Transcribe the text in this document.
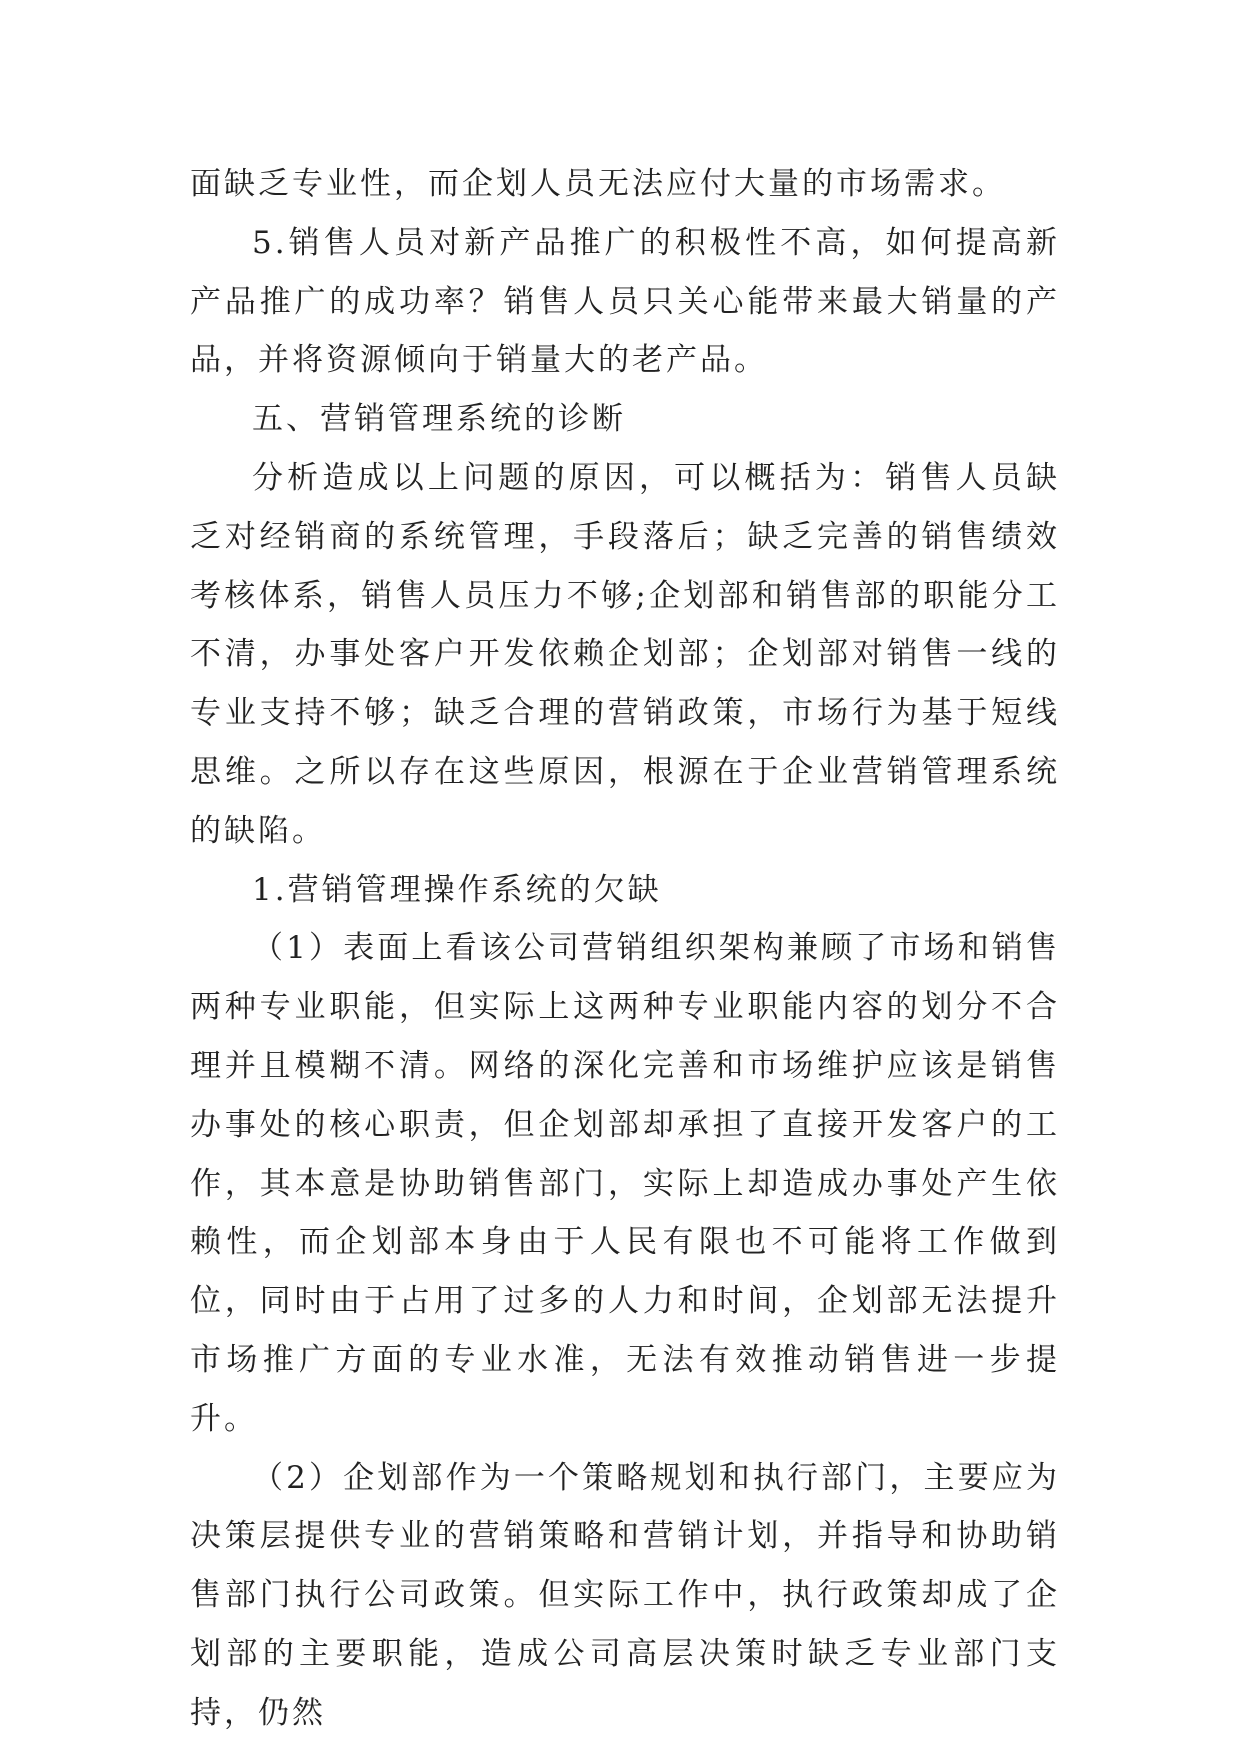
面缺乏专业性，而企划人员无法应付大量的市场需求。

5.销售人员对新产品推广的积极性不高，如何提高新产品推广的成功率？销售人员只关心能带来最大销量的产品，并将资源倾向于销量大的老产品。

五、营销管理系统的诊断

分析造成以上问题的原因，可以概括为：销售人员缺乏对经销商的系统管理，手段落后；缺乏完善的销售绩效考核体系，销售人员压力不够;企划部和销售部的职能分工不清，办事处客户开发依赖企划部；企划部对销售一线的专业支持不够；缺乏合理的营销政策，市场行为基于短线思维。之所以存在这些原因，根源在于企业营销管理系统的缺陷。

1.营销管理操作系统的欠缺

（1）表面上看该公司营销组织架构兼顾了市场和销售两种专业职能，但实际上这两种专业职能内容的划分不合理并且模糊不清。网络的深化完善和市场维护应该是销售办事处的核心职责，但企划部却承担了直接开发客户的工作，其本意是协助销售部门，实际上却造成办事处产生依赖性，而企划部本身由于人民有限也不可能将工作做到位，同时由于占用了过多的人力和时间，企划部无法提升市场推广方面的专业水准，无法有效推动销售进一步提升。

（2）企划部作为一个策略规划和执行部门，主要应为决策层提供专业的营销策略和营销计划，并指导和协助销售部门执行公司政策。但实际工作中，执行政策却成了企划部的主要职能，造成公司高层决策时缺乏专业部门支持，仍然
